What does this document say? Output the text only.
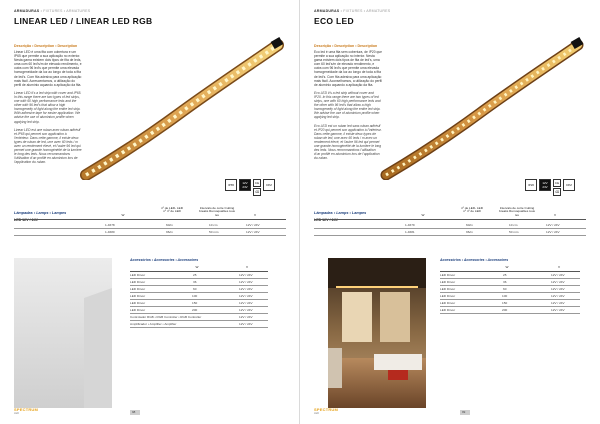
ARMADURAS • FIXTURES • ARMATURES
LINEAR LED / LINEAR LED RGB
Descrição • Description • Description

Linear LED é uma fita com cobertura e um IP65 que permite a sua aplicação no exterior. Nesta gama existem dois tipos de fita de leds, uma com 60 led’s/m de elevado rendimento, e outra com 96 led’s que permite uma elevada homogeneidade da luz ao longo de toda a fita de led’s. Com fita adesiva para uma aplicação mais fácil. Acrescentamos, a utilização do perfil de alumínio aquando a aplicação da fita.

Linear LED it’s a led strip with cover and IP65. In this range there are two types of led strips, one with 60 high performance leds and the other with 96 led’s that allow a high homogeneity of light along the entire led strip. With adhesive tape for easier application. We advise the use of aluminium profile when applying led strip.

Linear LED est une ruban avec ruban adhésif et IP65 qui permet son application à l’extérieur. Dans cette gamme, il existe deux types de ruban de led, une avec 60 leds / m avec un rendement élevé, et l’autre 96 led qui permet une grande homogénéité de la lumière le long des leds. Nous recommandons l’utilisation d’un profilé en aluminium lors de l’application du ruban.

IP65	12V 24V
CE
⌫
DIM
Lâmpadas • Lamps • Lampes
LED 12V / 24V
nº de LED- LED nº nº de LED
Intervalo de corte Cutting breaks Remoquables tous les	V
W
1-4678	60/m	10 cm	12V / 24V
1-4680	96/m	50 mm	12V / 24V
Accessórios • Accessories • Accessoires
W	V
LED Driver	25	12V / 24V
LED Driver	36	12V / 24V
LED Driver	60	12V / 24V
LED Driver	100	12V / 24V
LED Driver	150	12V / 24V
LED Driver	200	12V / 24V
Controlador RGB • RGB Controller • RGB Controller	12V / 24V
Amplificador • Amplifier • Amplifier	12V / 24V
SPECTRUM
LED	98
ARMADURAS • FIXTURES • ARMATURES
ECO LED
Descrição • Description • Description

Eco led é uma fita sem cobertura, de IP20 que permite a sua aplicação no interior. Nesta gama existem dois tipos de fita de led’s, uma com 60 led’s/m de elevado rendimento, e outra com 96 led’s que permite uma elevada homogeneidade da luz ao longo de toda a fita de led’s. Com fita adesiva para uma aplicação mais fácil. Aconselhamos, a utilização do perfil de alumínio aquando a aplicação da fita.

Eco LED it’s a led strip without cover and IP20. In this range there are two types of led strips, one with 60 high performance leds and the other with 96 led’s that allow a high homogeneity of light along the entire led strip. We advise the use of aluminium profile when applying led strip.

Eco LED est un ruban led sans ruban adhésif et IP20 qui permet son application à l’intérieur. Dans cette gamme, il existe deux types de ruban de led, une avec 60 leds / m avec un rendement élevé, et l’autre 96 led qui permet une grande homogénéité de la lumière le long des leds. Nous recommandons l’utilisation d’un profilé en aluminium lors de l’application du ruban.

IP20	12V 24V
CE
⌫
DIM
Lâmpadas • Lamps • Lampes
LED 12V / 24V
nº de LED- LED nº nº de LED
Intervalo de corte Cutting breaks Remoquables tous les	V
W
1-4679	60/m	10 cm	12V / 24V
1-4681	96/m	50 mm	12V / 24V
Accessórios • Accessories • Accessoires
W	V
LED Driver	25	12V / 24V
LED Driver	36	12V / 24V
LED Driver	60	12V / 24V
LED Driver	100	12V / 24V
LED Driver	150	12V / 24V
LED Driver	200	12V / 24V
SPECTRUM
LED	99
